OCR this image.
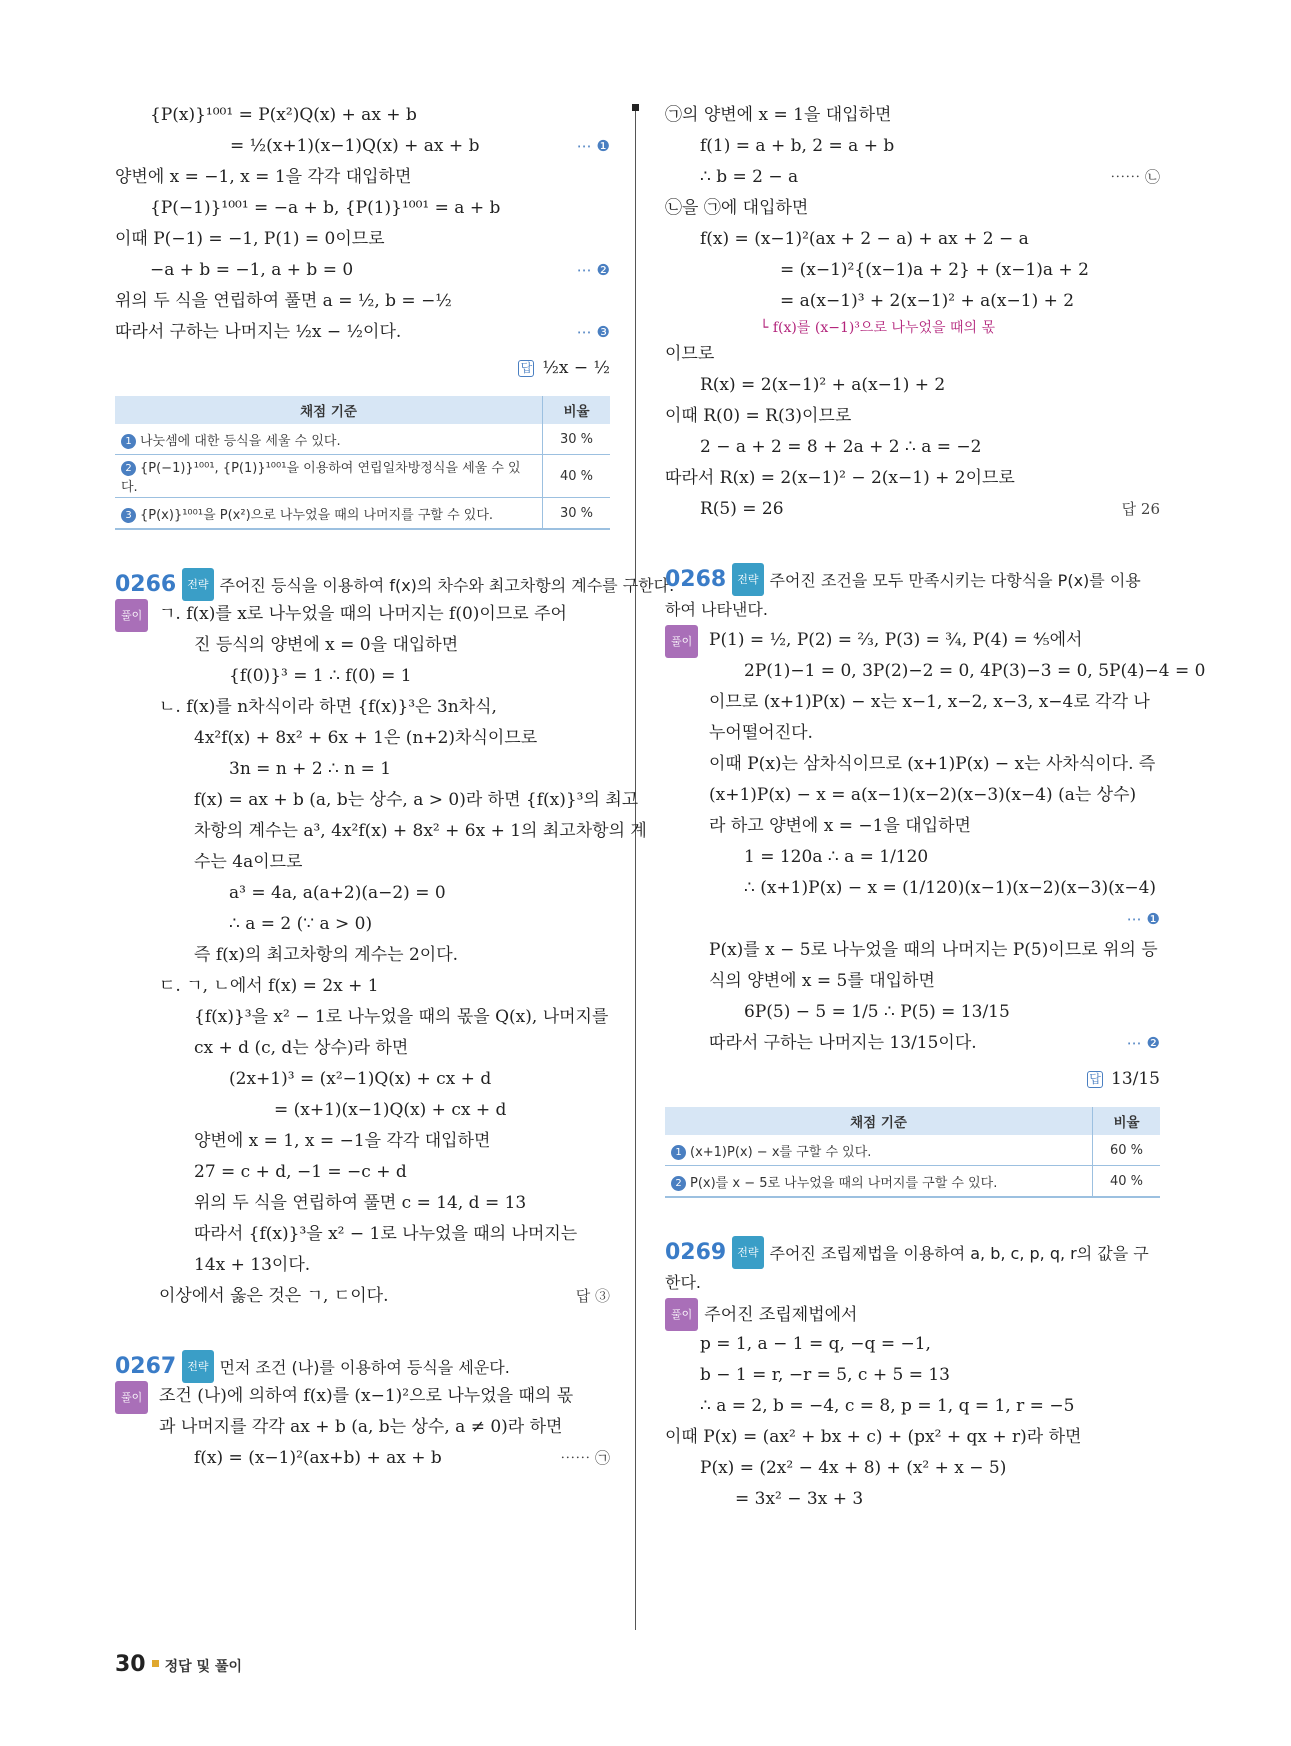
{P(x)}¹⁰⁰¹ = P(x²)Q(x) + ax + b
= ½(x+1)(x−1)Q(x) + ax + b	⋯ ❶
양변에 x = −1, x = 1을 각각 대입하면
{P(−1)}¹⁰⁰¹ = −a + b, {P(1)}¹⁰⁰¹ = a + b
이때 P(−1) = −1, P(1) = 0이므로
−a + b = −1, a + b = 0	⋯ ❷
위의 두 식을 연립하여 풀면 a = ½, b = −½
따라서 구하는 나머지는 ½x − ½이다.	⋯ ❸
답 ½x − ½
채점 기준	비율
1 나눗셈에 대한 등식을 세울 수 있다.	30 %
2 {P(−1)}¹⁰⁰¹, {P(1)}¹⁰⁰¹을 이용하여 연립일차방정식을 세울 수 있다.	40 %
3 {P(x)}¹⁰⁰¹을 P(x²)으로 나누었을 때의 나머지를 구할 수 있다.	30 %
0266 전략 주어진 등식을 이용하여 f(x)의 차수와 최고차항의 계수를 구한다.
풀이 ㄱ. f(x)를 x로 나누었을 때의 나머지는 f(0)이므로 주어
진 등식의 양변에 x = 0을 대입하면
{f(0)}³ = 1 ∴ f(0) = 1
ㄴ. f(x)를 n차식이라 하면 {f(x)}³은 3n차식,
4x²f(x) + 8x² + 6x + 1은 (n+2)차식이므로
3n = n + 2 ∴ n = 1
f(x) = ax + b (a, b는 상수, a > 0)라 하면 {f(x)}³의 최고
차항의 계수는 a³, 4x²f(x) + 8x² + 6x + 1의 최고차항의 계
수는 4a이므로
a³ = 4a, a(a+2)(a−2) = 0
∴ a = 2 (∵ a > 0)
즉 f(x)의 최고차항의 계수는 2이다.
ㄷ. ㄱ, ㄴ에서 f(x) = 2x + 1
{f(x)}³을 x² − 1로 나누었을 때의 몫을 Q(x), 나머지를
cx + d (c, d는 상수)라 하면
(2x+1)³ = (x²−1)Q(x) + cx + d
= (x+1)(x−1)Q(x) + cx + d
양변에 x = 1, x = −1을 각각 대입하면
27 = c + d, −1 = −c + d
위의 두 식을 연립하여 풀면 c = 14, d = 13
따라서 {f(x)}³을 x² − 1로 나누었을 때의 나머지는
14x + 13이다.
이상에서 옳은 것은 ㄱ, ㄷ이다.	답 ③
0267 전략 먼저 조건 (나)를 이용하여 등식을 세운다.
풀이 조건 (나)에 의하여 f(x)를 (x−1)²으로 나누었을 때의 몫
과 나머지를 각각 ax + b (a, b는 상수, a ≠ 0)라 하면
f(x) = (x−1)²(ax+b) + ax + b	⋯⋯ ㉠
㉠의 양변에 x = 1을 대입하면
f(1) = a + b, 2 = a + b
∴ b = 2 − a	⋯⋯ ㉡
㉡을 ㉠에 대입하면
f(x) = (x−1)²(ax + 2 − a) + ax + 2 − a
= (x−1)²{(x−1)a + 2} + (x−1)a + 2
= a(x−1)³ + 2(x−1)² + a(x−1) + 2
└ f(x)를 (x−1)³으로 나누었을 때의 몫
이므로
R(x) = 2(x−1)² + a(x−1) + 2
이때 R(0) = R(3)이므로
2 − a + 2 = 8 + 2a + 2 ∴ a = −2
따라서 R(x) = 2(x−1)² − 2(x−1) + 2이므로
R(5) = 26	답 26
0268 전략 주어진 조건을 모두 만족시키는 다항식을 P(x)를 이용
하여 나타낸다.
풀이 P(1) = ½, P(2) = ⅔, P(3) = ¾, P(4) = ⅘에서
2P(1)−1 = 0, 3P(2)−2 = 0, 4P(3)−3 = 0, 5P(4)−4 = 0
이므로 (x+1)P(x) − x는 x−1, x−2, x−3, x−4로 각각 나
누어떨어진다.
이때 P(x)는 삼차식이므로 (x+1)P(x) − x는 사차식이다. 즉
(x+1)P(x) − x = a(x−1)(x−2)(x−3)(x−4) (a는 상수)
라 하고 양변에 x = −1을 대입하면
1 = 120a ∴ a = 1/120
∴ (x+1)P(x) − x = (1/120)(x−1)(x−2)(x−3)(x−4)
⋯ ❶
P(x)를 x − 5로 나누었을 때의 나머지는 P(5)이므로 위의 등
식의 양변에 x = 5를 대입하면
6P(5) − 5 = 1/5 ∴ P(5) = 13/15
따라서 구하는 나머지는 13/15이다.	⋯ ❷
답 13/15
채점 기준	비율
1 (x+1)P(x) − x를 구할 수 있다.	60 %
2 P(x)를 x − 5로 나누었을 때의 나머지를 구할 수 있다.	40 %
0269 전략 주어진 조립제법을 이용하여 a, b, c, p, q, r의 값을 구
한다.
풀이 주어진 조립제법에서
p = 1, a − 1 = q, −q = −1,
b − 1 = r, −r = 5, c + 5 = 13
∴ a = 2, b = −4, c = 8, p = 1, q = 1, r = −5
이때 P(x) = (ax² + bx + c) + (px² + qx + r)라 하면
P(x) = (2x² − 4x + 8) + (x² + x − 5)
= 3x² − 3x + 3
30 정답 및 풀이
